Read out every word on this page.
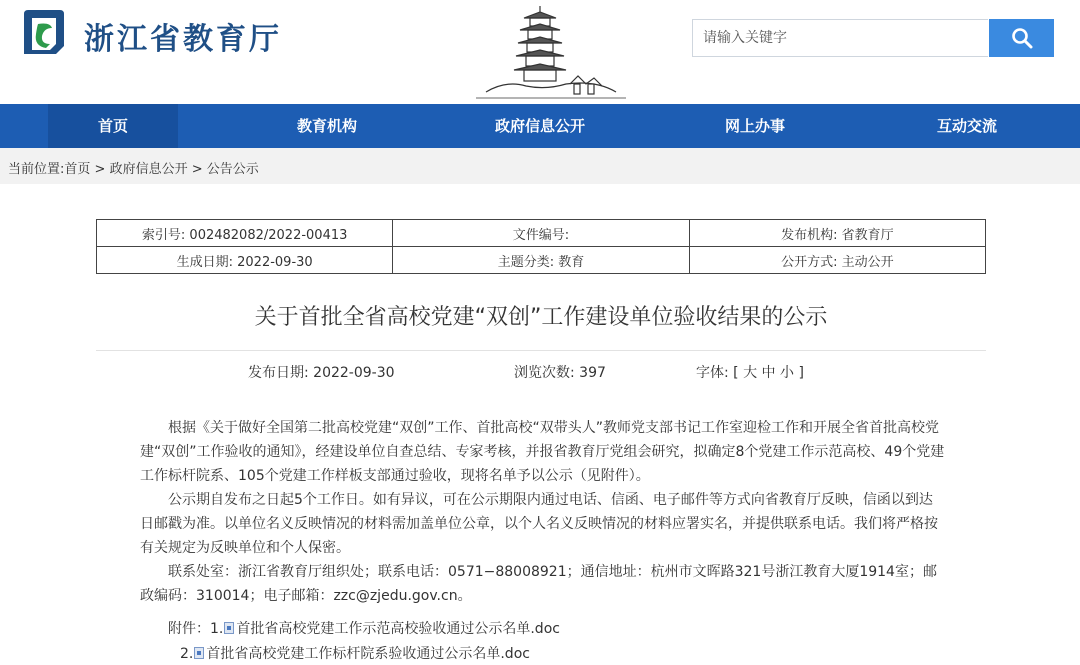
浙江省教育厅
请输入关键字
首页	教育机构	政府信息公开	网上办事	互动交流
当前位置:首页 > 政府信息公开 > 公告公示
索引号: 002482082/2022-00413	文件编号:	发布机构: 省教育厅
生成日期: 2022-09-30	主题分类: 教育	公开方式: 主动公开
关于首批全省高校党建“双创”工作建设单位验收结果的公示
发布日期: 2022-09-30	浏览次数: 397	字体: [ 大 中 小 ]

根据《关于做好全国第二批高校党建“双创”工作、首批高校“双带头人”教师党支部书记工作室迎检工作和开展全省首批高校党建“双创”工作验收的通知》，经建设单位自查总结、专家考核，并报省教育厅党组会研究，拟确定8个党建工作示范高校、49个党建工作标杆院系、105个党建工作样板支部通过验收，现将名单予以公示（见附件）。

公示期自发布之日起5个工作日。如有异议，可在公示期限内通过电话、信函、电子邮件等方式向省教育厅反映，信函以到达日邮戳为准。以单位名义反映情况的材料需加盖单位公章，以个人名义反映情况的材料应署实名，并提供联系电话。我们将严格按有关规定为反映单位和个人保密。

联系处室：浙江省教育厅组织处；联系电话：0571−88008921；通信地址：杭州市文晖路321号浙江教育大厦1914室；邮政编码：310014；电子邮箱：zzc@zjedu.gov.cn。

附件：1. 首批省高校党建工作示范高校验收通过公示名单.doc
2. 首批省高校党建工作标杆院系验收通过公示名单.doc
